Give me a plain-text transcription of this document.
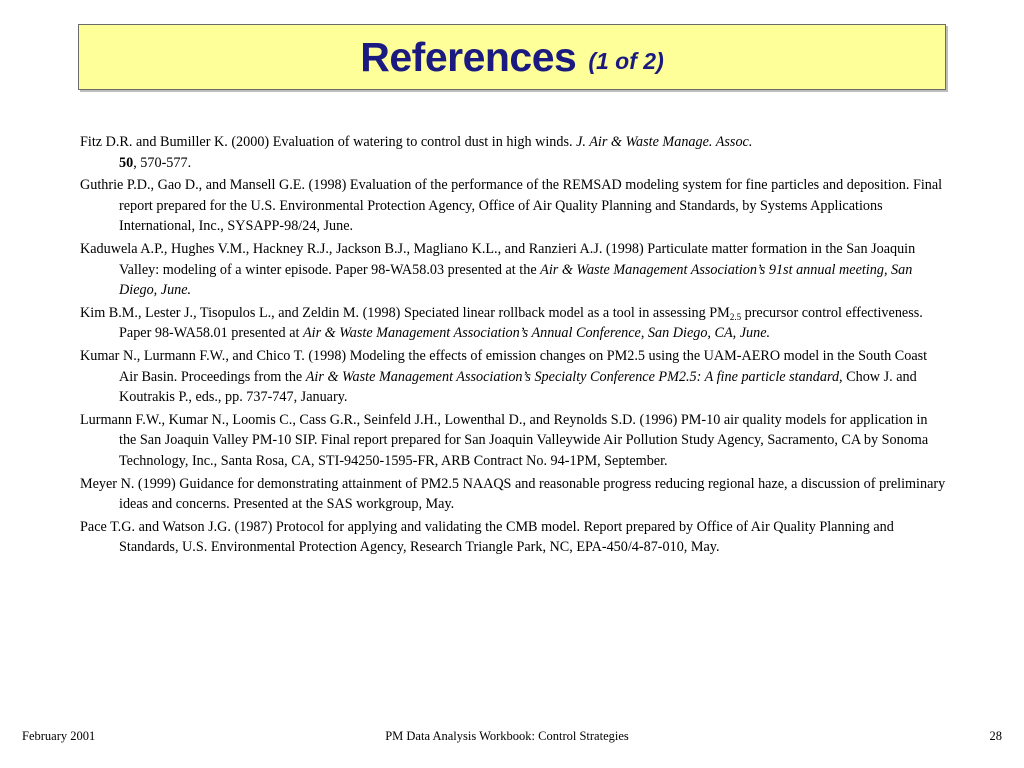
References (1 of 2)

Fitz D.R. and Bumiller K. (2000) Evaluation of watering to control dust in high winds. J. Air & Waste Manage. Assoc.
50, 570-577.

Guthrie P.D., Gao D., and Mansell G.E. (1998) Evaluation of the performance of the REMSAD modeling system for fine particles and deposition. Final report prepared for the U.S. Environmental Protection Agency, Office of Air Quality Planning and Standards, by Systems Applications International, Inc., SYSAPP-98/24, June.

Kaduwela A.P., Hughes V.M., Hackney R.J., Jackson B.J., Magliano K.L., and Ranzieri A.J. (1998) Particulate matter formation in the San Joaquin Valley: modeling of a winter episode. Paper 98-WA58.03 presented at the Air & Waste Management Association’s 91st annual meeting, San Diego, June.

Kim B.M., Lester J., Tisopulos L., and Zeldin M. (1998) Speciated linear rollback model as a tool in assessing $PM_{2.5}$ precursor control effectiveness. Paper 98-WA58.01 presented at Air & Waste Management Association’s Annual Conference, San Diego, CA, June.

Kumar N., Lurmann F.W., and Chico T. (1998) Modeling the effects of emission changes on PM2.5 using the UAM-AERO model in the South Coast Air Basin. Proceedings from the Air & Waste Management Association’s Specialty Conference PM2.5: A fine particle standard, Chow J. and Koutrakis P., eds., pp. 737-747, January.

Lurmann F.W., Kumar N., Loomis C., Cass G.R., Seinfeld J.H., Lowenthal D., and Reynolds S.D. (1996) PM-10 air quality models for application in the San Joaquin Valley PM-10 SIP. Final report prepared for San Joaquin Valleywide Air Pollution Study Agency, Sacramento, CA by Sonoma Technology, Inc., Santa Rosa, CA, STI-94250-1595-FR, ARB Contract No. 94-1PM, September.

Meyer N. (1999) Guidance for demonstrating attainment of PM2.5 NAAQS and reasonable progress reducing regional haze, a discussion of preliminary ideas and concerns. Presented at the SAS workgroup, May.

Pace T.G. and Watson J.G. (1987) Protocol for applying and validating the CMB model. Report prepared by Office of Air Quality Planning and Standards, U.S. Environmental Protection Agency, Research Triangle Park, NC, EPA-450/4-87-010, May.

February 2001	PM Data Analysis Workbook: Control Strategies	28
